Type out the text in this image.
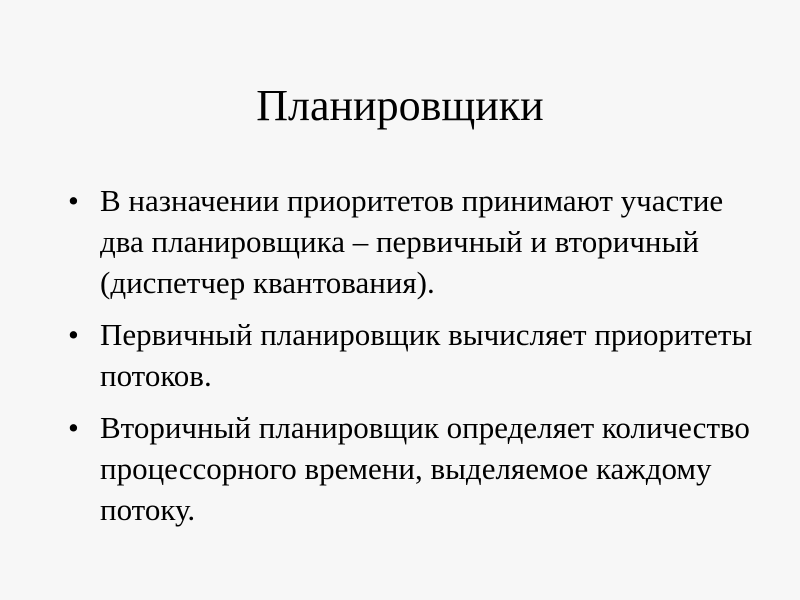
Планировщики
• В назначении приоритетов принимают участие два планировщика – первичный и вторичный (диспетчер квантования).
• Первичный планировщик вычисляет приоритеты потоков.
• Вторичный планировщик определяет количество процессорного времени, выделяемое каждому потоку.
